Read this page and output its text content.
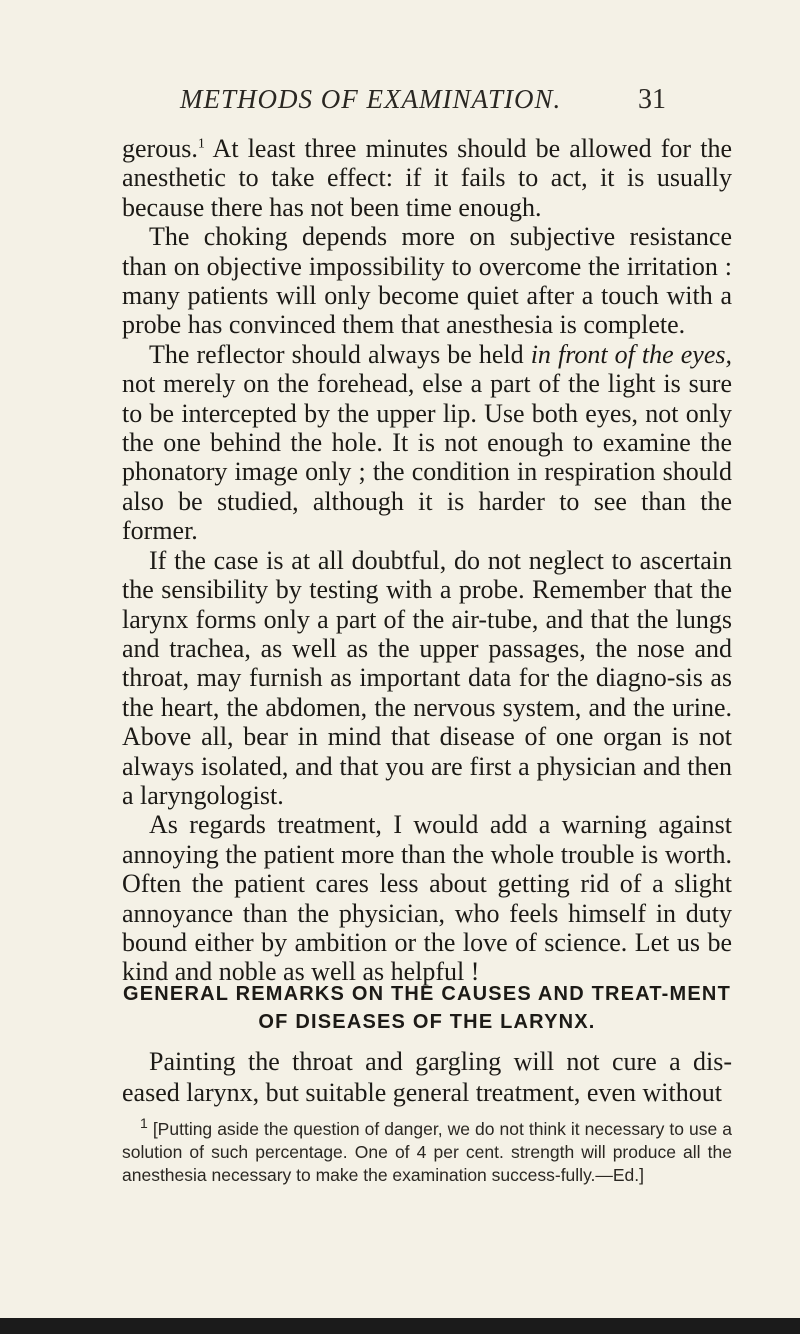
METHODS OF EXAMINATION.	31

gerous.$^1$ At least three minutes should be allowed for the anesthetic to take effect: if it fails to act, it is usually because there has not been time enough.

The choking depends more on subjective resistance than on objective impossibility to overcome the irritation : many patients will only become quiet after a touch with a probe has convinced them that anesthesia is complete.

The reflector should always be held in front of the eyes, not merely on the forehead, else a part of the light is sure to be intercepted by the upper lip. Use both eyes, not only the one behind the hole. It is not enough to examine the phonatory image only ; the condition in respiration should also be studied, although it is harder to see than the former.

If the case is at all doubtful, do not neglect to ascertain the sensibility by testing with a probe. Remember that the larynx forms only a part of the air-tube, and that the lungs and trachea, as well as the upper passages, the nose and throat, may furnish as important data for the diagno-sis as the heart, the abdomen, the nervous system, and the urine. Above all, bear in mind that disease of one organ is not always isolated, and that you are first a physician and then a laryngologist.

As regards treatment, I would add a warning against annoying the patient more than the whole trouble is worth. Often the patient cares less about getting rid of a slight annoyance than the physician, who feels himself in duty bound either by ambition or the love of science. Let us be kind and noble as well as helpful !

GENERAL REMARKS ON THE CAUSES AND TREAT-MENT OF DISEASES OF THE LARYNX.

Painting the throat and gargling will not cure a dis-eased larynx, but suitable general treatment, even without

$^1$ [Putting aside the question of danger, we do not think it necessary to use a solution of such percentage. One of 4 per cent. strength will produce all the anesthesia necessary to make the examination success-fully.—Ed.]
